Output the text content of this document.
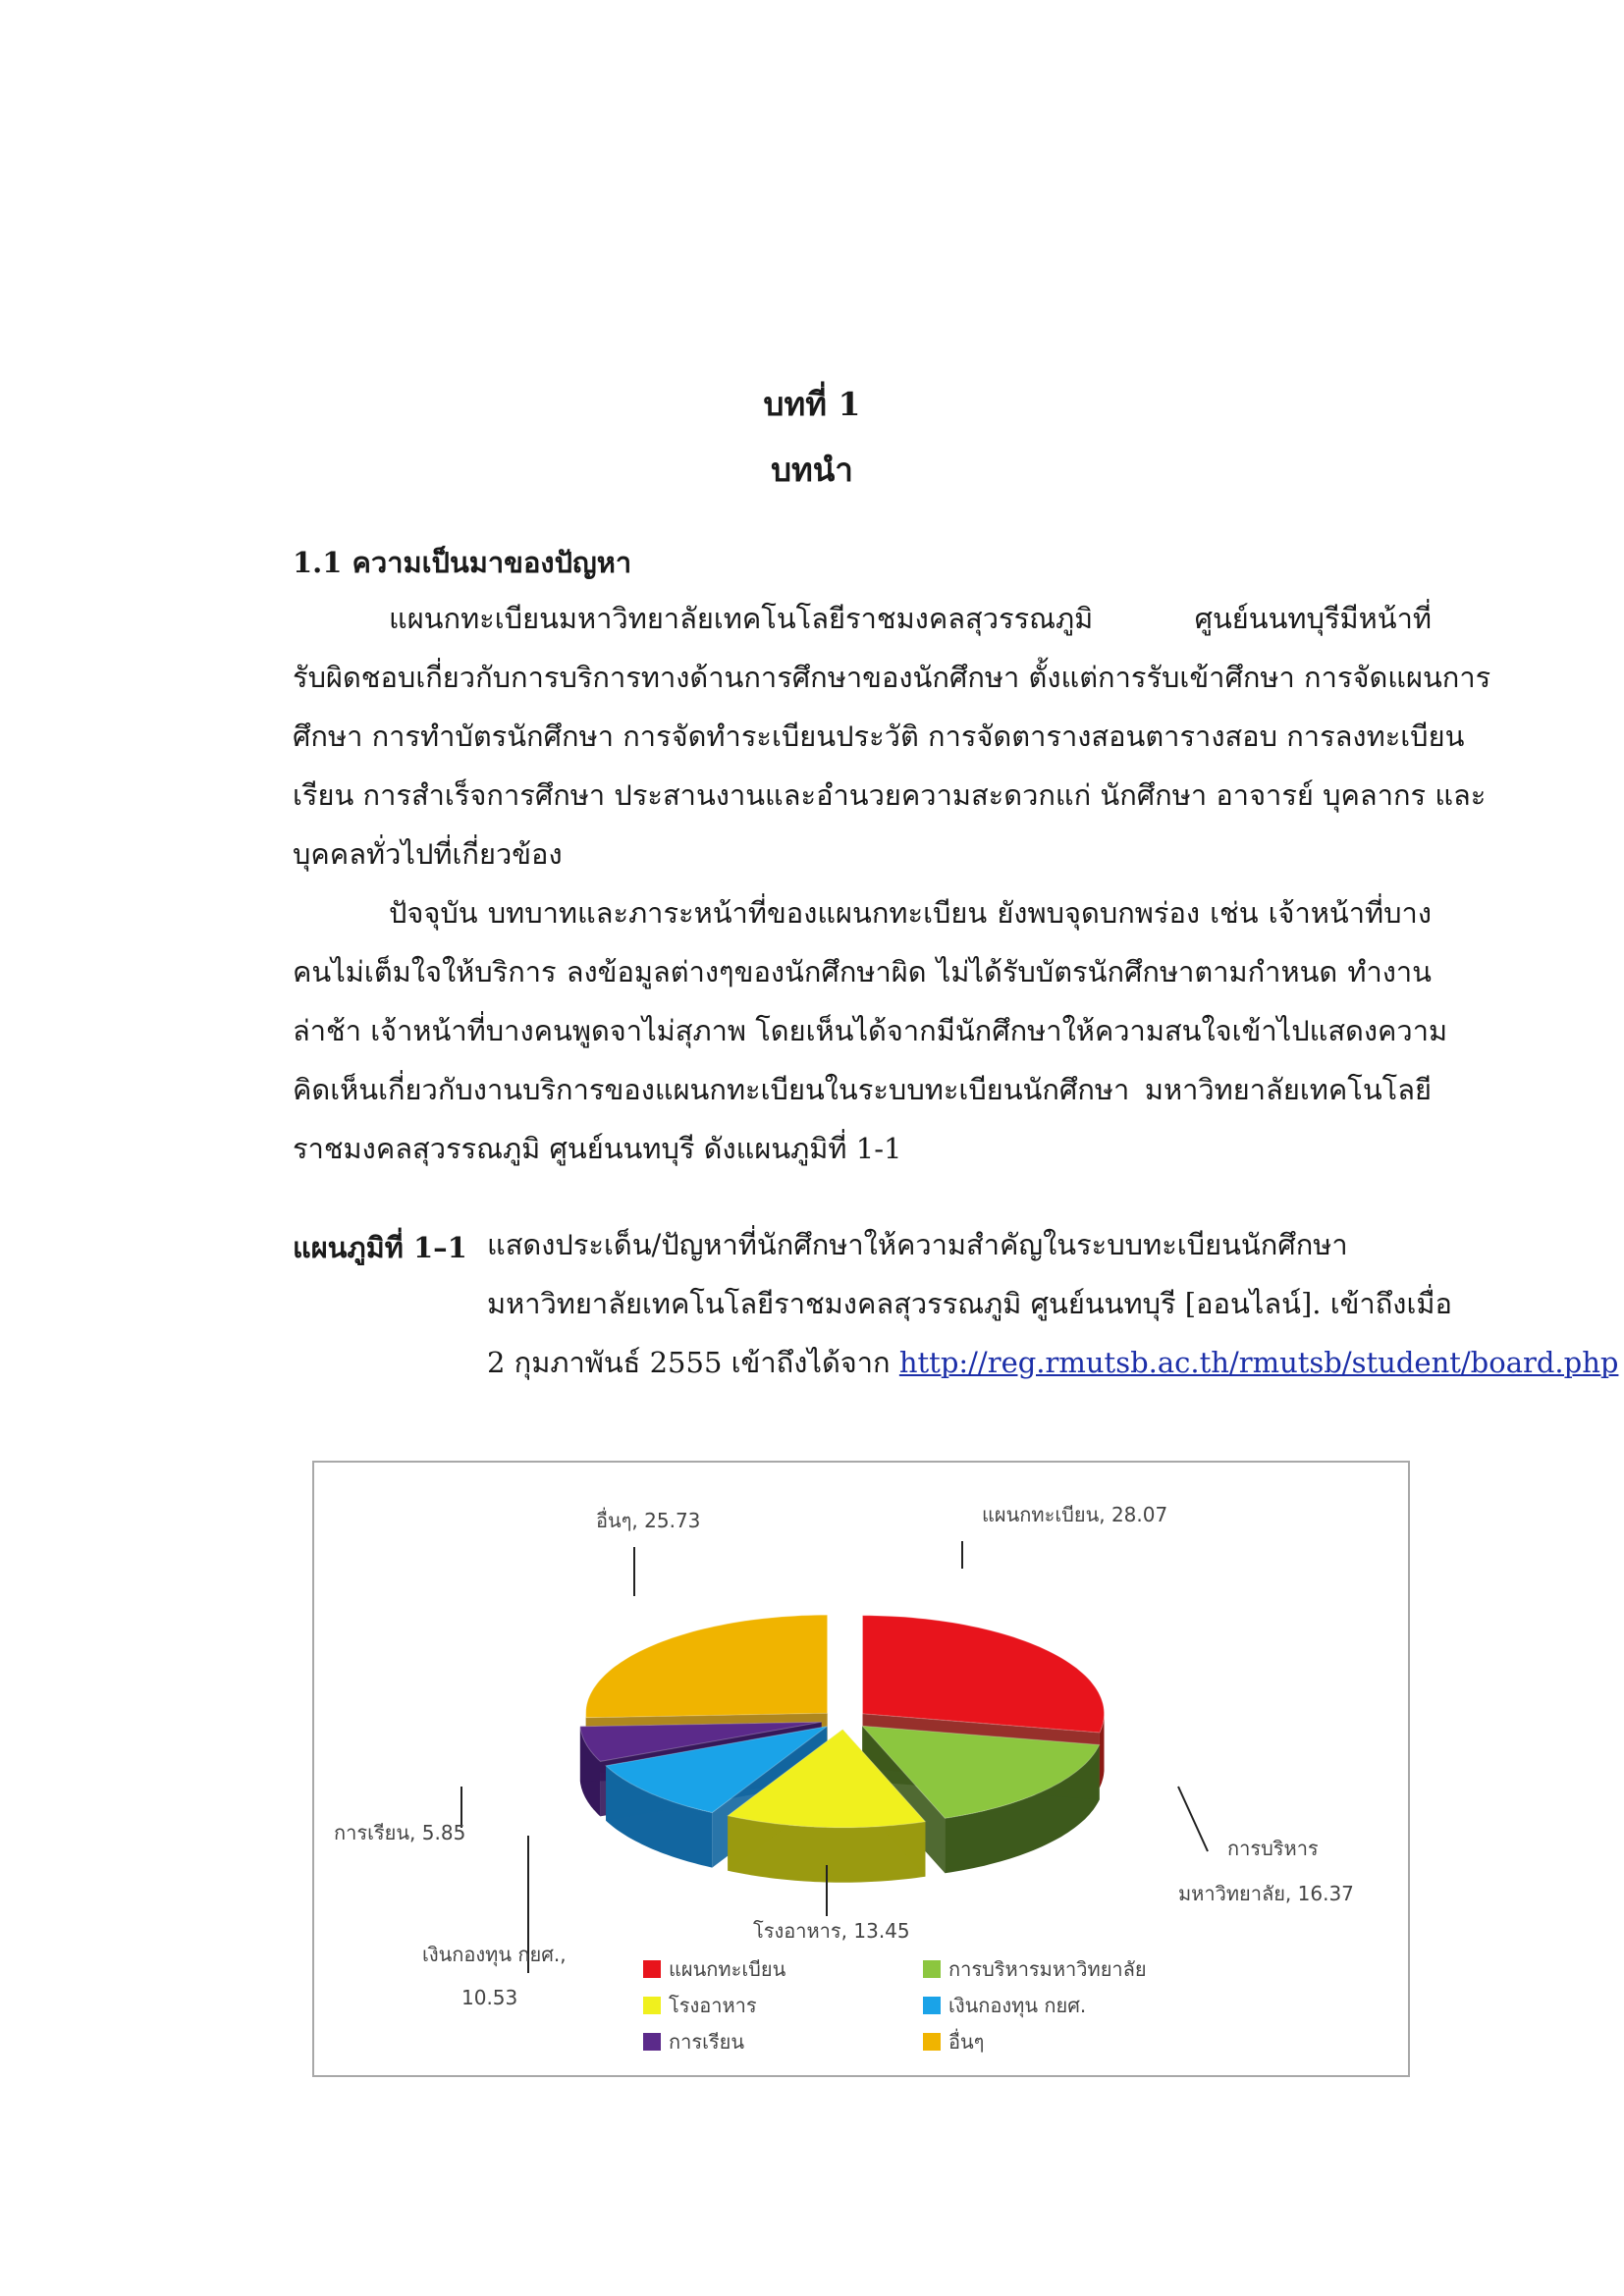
บทที่ 1
บทนำ
1.1 ความเป็นมาของปัญหา
แผนกทะเบียนมหาวิทยาลัยเทคโนโลยีราชมงคลสุวรรณภูมิ ศูนย์นนทบุรีมีหน้าที่
รับผิดชอบเกี่ยวกับการบริการทางด้านการศึกษาของนักศึกษา ตั้งแต่การรับเข้าศึกษา การจัดแผนการ
ศึกษา การทำบัตรนักศึกษา การจัดทำระเบียนประวัติ การจัดตารางสอนตารางสอบ การลงทะเบียน
เรียน การสำเร็จการศึกษา ประสานงานและอำนวยความสะดวกแก่ นักศึกษา อาจารย์ บุคลากร และ
บุคคลทั่วไปที่เกี่ยวข้อง
ปัจจุบัน บทบาทและภาระหน้าที่ของแผนกทะเบียน ยังพบจุดบกพร่อง เช่น เจ้าหน้าที่บาง
คนไม่เต็มใจให้บริการ ลงข้อมูลต่างๆของนักศึกษาผิด ไม่ได้รับบัตรนักศึกษาตามกำหนด ทำงาน
ล่าช้า เจ้าหน้าที่บางคนพูดจาไม่สุภาพ โดยเห็นได้จากมีนักศึกษาให้ความสนใจเข้าไปแสดงความ
คิดเห็นเกี่ยวกับงานบริการของแผนกทะเบียนในระบบทะเบียนนักศึกษา มหาวิทยาลัยเทคโนโลยี
ราชมงคลสุวรรณภูมิ ศูนย์นนทบุรี ดังแผนภูมิที่ 1-1
แผนภูมิที่ 1–1 แสดงประเด็น/ปัญหาที่นักศึกษาให้ความสำคัญในระบบทะเบียนนักศึกษา
มหาวิทยาลัยเทคโนโลยีราชมงคลสุวรรณภูมิ ศูนย์นนทบุรี [ออนไลน์]. เข้าถึงเมื่อ
2 กุมภาพันธ์ 2555 เข้าถึงได้จาก http://reg.rmutsb.ac.th/rmutsb/student/board.php
แผนกทะเบียน, 28.07
การบริหาร
มหาวิทยาลัย, 16.37
โรงอาหาร, 13.45
เงินกองทุน กยศ.,
10.53
การเรียน, 5.85
อื่นๆ, 25.73
แผนกทะเบียน	การบริหารมหาวิทยาลัย
โรงอาหาร	เงินกองทุน กยศ.
การเรียน	อื่นๆ
